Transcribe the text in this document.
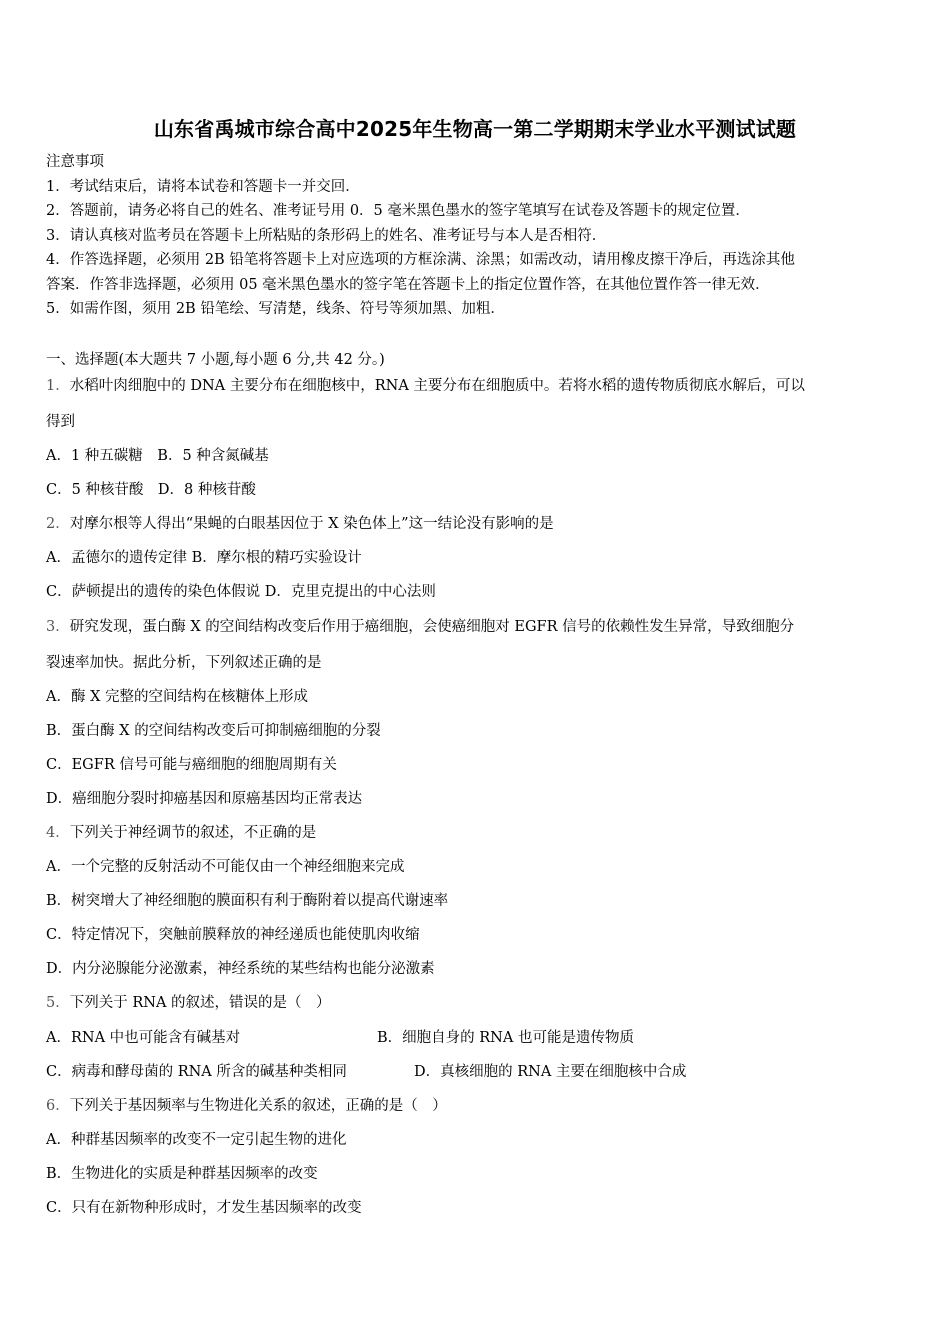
山东省禹城市综合高中2025年生物高一第二学期期末学业水平测试试题
注意事项
1．考试结束后，请将本试卷和答题卡一并交回．
2．答题前，请务必将自己的姓名、准考证号用 0．5 毫米黑色墨水的签字笔填写在试卷及答题卡的规定位置．
3．请认真核对监考员在答题卡上所粘贴的条形码上的姓名、准考证号与本人是否相符．
4．作答选择题，必须用 2B 铅笔将答题卡上对应选项的方框涂满、涂黑；如需改动，请用橡皮擦干净后，再选涂其他
答案．作答非选择题，必须用 05 毫米黑色墨水的签字笔在答题卡上的指定位置作答，在其他位置作答一律无效．
5．如需作图，须用 2B 铅笔绘、写清楚，线条、符号等须加黑、加粗．
一、选择题(本大题共 7 小题,每小题 6 分,共 42 分。)
1．水稻叶肉细胞中的 DNA 主要分布在细胞核中，RNA 主要分布在细胞质中。若将水稻的遗传物质彻底水解后，可以
得到
A．1 种五碳糖　B．5 种含氮碱基
C．5 种核苷酸　D．8 种核苷酸
2．对摩尔根等人得出“果蝇的白眼基因位于 X 染色体上”这一结论没有影响的是
A．孟德尔的遗传定律 B．摩尔根的精巧实验设计
C．萨顿提出的遗传的染色体假说 D．克里克提出的中心法则
3．研究发现，蛋白酶 X 的空间结构改变后作用于癌细胞，会使癌细胞对 EGFR 信号的依赖性发生异常，导致细胞分
裂速率加快。据此分析，下列叙述正确的是
A．酶 X 完整的空间结构在核糖体上形成
B．蛋白酶 X 的空间结构改变后可抑制癌细胞的分裂
C．EGFR 信号可能与癌细胞的细胞周期有关
D．癌细胞分裂时抑癌基因和原癌基因均正常表达
4．下列关于神经调节的叙述，不正确的是
A．一个完整的反射活动不可能仅由一个神经细胞来完成
B．树突增大了神经细胞的膜面积有利于酶附着以提高代谢速率
C．特定情况下，突触前膜释放的神经递质也能使肌肉收缩
D．内分泌腺能分泌激素，神经系统的某些结构也能分泌激素
5．下列关于 RNA 的叙述，错误的是（　）
A．RNA 中也可能含有碱基对	B．细胞自身的 RNA 也可能是遗传物质
C．病毒和酵母菌的 RNA 所含的碱基种类相同	D．真核细胞的 RNA 主要在细胞核中合成
6．下列关于基因频率与生物进化关系的叙述，正确的是（　）
A．种群基因频率的改变不一定引起生物的进化
B．生物进化的实质是种群基因频率的改变
C．只有在新物种形成时，才发生基因频率的改变
